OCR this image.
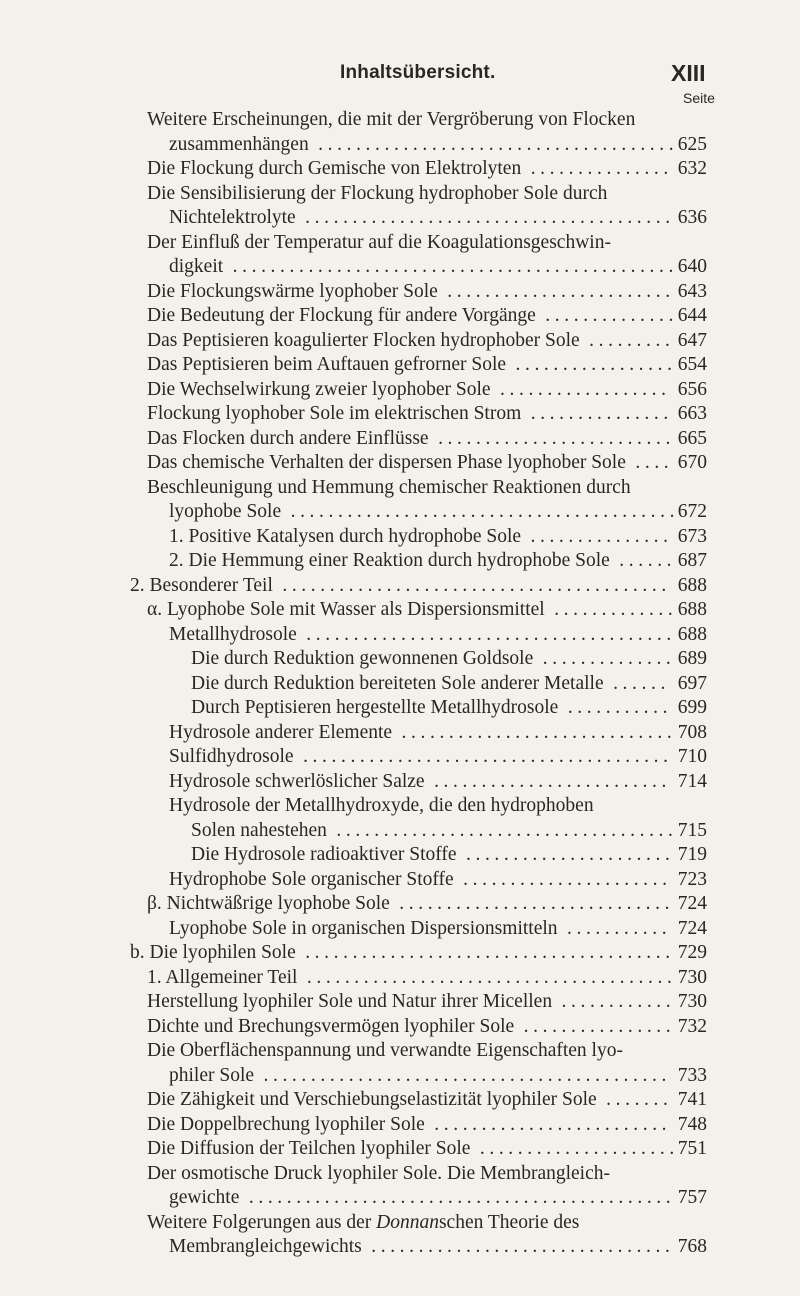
Inhaltsübersicht.	XIII
Seite
Weitere Erscheinungen, die mit der Vergröberung von Flocken
zusammenhängen ...................................... 625
Die Flockung durch Gemische von Elektrolyten ............... 632
Die Sensibilisierung der Flockung hydrophober Sole durch
Nichtelektrolyte ....................................... 636
Der Einfluß der Temperatur auf die Koagulationsgeschwin-
digkeit ............................................... 640
Die Flockungswärme lyophober Sole ........................ 643
Die Bedeutung der Flockung für andere Vorgänge .............. 644
Das Peptisieren koagulierter Flocken hydrophober Sole ......... 647
Das Peptisieren beim Auftauen gefrorner Sole ................. 654
Die Wechselwirkung zweier lyophober Sole .................. 656
Flockung lyophober Sole im elektrischen Strom ............... 663
Das Flocken durch andere Einflüsse ......................... 665
Das chemische Verhalten der dispersen Phase lyophober Sole .... 670
Beschleunigung und Hemmung chemischer Reaktionen durch
lyophobe Sole .........................................
672
1. Positive Katalysen durch hydrophobe Sole ............... 673
2. Die Hemmung einer Reaktion durch hydrophobe Sole ...... 687
2. Besonderer Teil ......................................... 688
α. Lyophobe Sole mit Wasser als Dispersionsmittel ............. 688
Metallhydrosole ....................................... 688
Die durch Reduktion gewonnenen Goldsole .............. 689
Die durch Reduktion bereiteten Sole anderer Metalle ...... 697
Durch Peptisieren hergestellte Metallhydrosole ........... 699
Hydrosole anderer Elemente ............................. 708
Sulfidhydrosole ....................................... 710
Hydrosole schwerlöslicher Salze ......................... 714
Hydrosole der Metallhydroxyde, die den hydrophoben
Solen nahestehen .................................... 715
Die Hydrosole radioaktiver Stoffe ...................... 719
Hydrophobe Sole organischer Stoffe ...................... 723
β. Nichtwäßrige lyophobe Sole ............................. 724
Lyophobe Sole in organischen Dispersionsmitteln ........... 724
b. Die lyophilen Sole ....................................... 729
1. Allgemeiner Teil ....................................... 730
Herstellung lyophiler Sole und Natur ihrer Micellen ............ 730
Dichte und Brechungsvermögen lyophiler Sole ................ 732
Die Oberflächenspannung und verwandte Eigenschaften lyo-
philer Sole ........................................... 733
Die Zähigkeit und Verschiebungselastizität lyophiler Sole ....... 741
Die Doppelbrechung lyophiler Sole ......................... 748
Die Diffusion der Teilchen lyophiler Sole .....................
751
Der osmotische Druck lyophiler Sole. Die Membrangleich-
gewichte ............................................. 757
Weitere Folgerungen aus der Donnanschen Theorie des
Membrangleichgewichts ................................ 768
